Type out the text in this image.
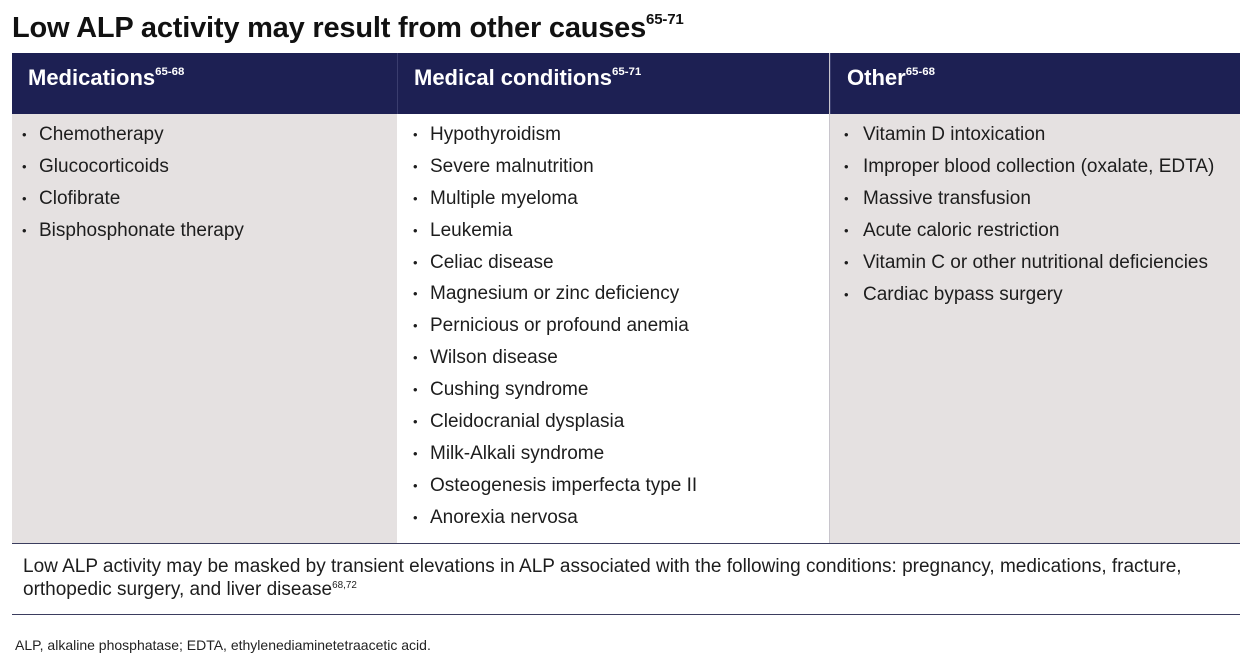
Low ALP activity may result from other causes$^{65-71}$
Medications$^{65-68}$
• Chemotherapy
• Glucocorticoids
• Clofibrate
• Bisphosphonate therapy
Medical conditions$^{65-71}$
• Hypothyroidism
• Severe malnutrition
• Multiple myeloma
• Leukemia
• Celiac disease
• Magnesium or zinc deficiency
• Pernicious or profound anemia
• Wilson disease
• Cushing syndrome
• Cleidocranial dysplasia
• Milk-Alkali syndrome
• Osteogenesis imperfecta type II
• Anorexia nervosa
Other$^{65-68}$
• Vitamin D intoxication
• Improper blood collection (oxalate, EDTA)
• Massive transfusion
• Acute caloric restriction
• Vitamin C or other nutritional deficiencies
• Cardiac bypass surgery

Low ALP activity may be masked by transient elevations in ALP associated with the following conditions: pregnancy, medications, fracture, orthopedic surgery, and liver disease$^{68,72}$

ALP, alkaline phosphatase; EDTA, ethylenediaminetetraacetic acid.
